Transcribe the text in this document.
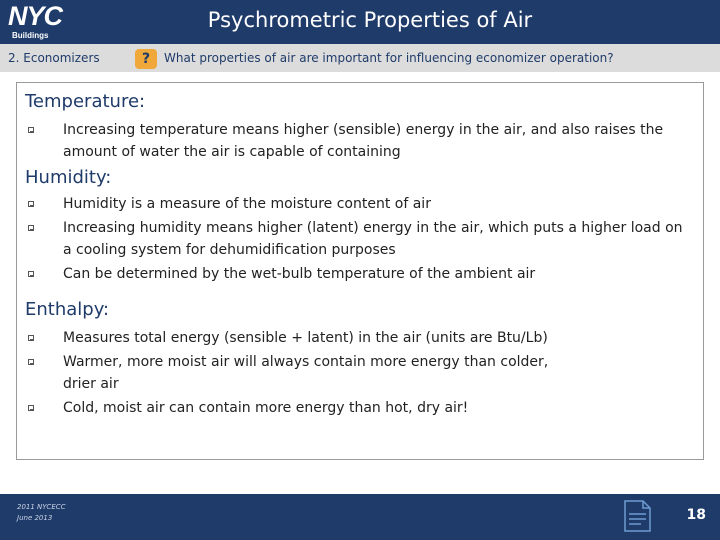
NYC
Buildings
Psychrometric Properties of Air
2. Economizers	?	What properties of air are important for influencing economizer operation?
Temperature:
Increasing temperature means higher (sensible) energy in the air, and also raises the amount of water the air is capable of containing
Humidity:
Humidity is a measure of the moisture content of air
Increasing humidity means higher (latent) energy in the air, which puts a higher load on a cooling system for dehumidification purposes
Can be determined by the wet-bulb temperature of the ambient air
Enthalpy:
Measures total energy (sensible + latent) in the air (units are Btu/Lb)
Warmer, more moist air will always contain more energy than colder, drier air
Cold, moist air can contain more energy than hot, dry air!
2011 NYCECC
June 2013	18
